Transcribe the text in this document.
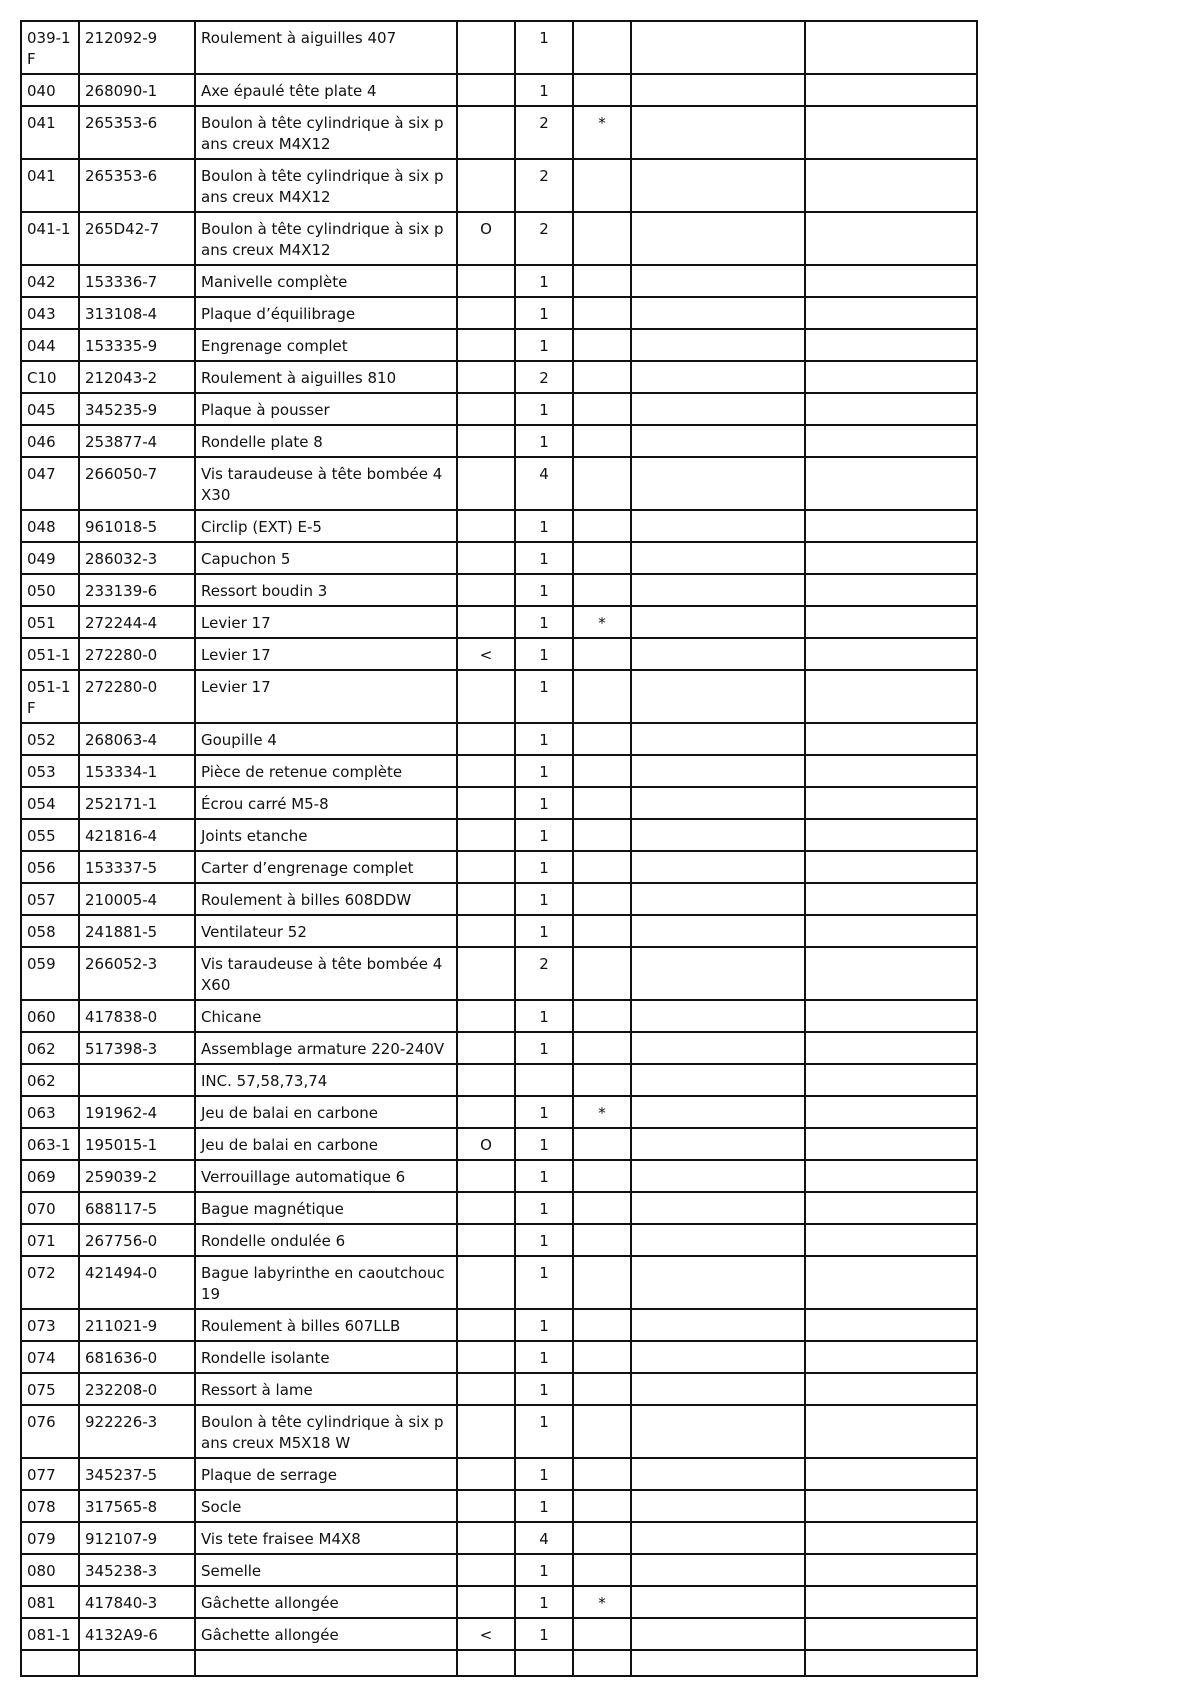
039-1 F	212092-9	Roulement à aiguilles 407		1			
040	268090-1	Axe épaulé tête plate 4		1			
041	265353-6	Boulon à tête cylindrique à six pans creux M4X12		2	*		
041	265353-6	Boulon à tête cylindrique à six pans creux M4X12		2			
041-1	265D42-7	Boulon à tête cylindrique à six pans creux M4X12	O	2			
042	153336-7	Manivelle complète		1			
043	313108-4	Plaque d’équilibrage		1			
044	153335-9	Engrenage complet		1			
C10	212043-2	Roulement à aiguilles 810		2			
045	345235-9	Plaque à pousser		1			
046	253877-4	Rondelle plate 8		1			
047	266050-7	Vis taraudeuse à tête bombée 4X30		4			
048	961018-5	Circlip (EXT) E-5		1			
049	286032-3	Capuchon 5		1			
050	233139-6	Ressort boudin 3		1			
051	272244-4	Levier 17		1	*		
051-1	272280-0	Levier 17	<	1			
051-1 F	272280-0	Levier 17		1			
052	268063-4	Goupille 4		1			
053	153334-1	Pièce de retenue complète		1			
054	252171-1	Écrou carré M5-8		1			
055	421816-4	Joints etanche		1			
056	153337-5	Carter d’engrenage complet		1			
057	210005-4	Roulement à billes 608DDW		1			
058	241881-5	Ventilateur 52		1			
059	266052-3	Vis taraudeuse à tête bombée 4X60		2			
060	417838-0	Chicane		1			
062	517398-3	Assemblage armature 220-240V		1			
062		INC. 57,58,73,74					
063	191962-4	Jeu de balai en carbone		1	*		
063-1	195015-1	Jeu de balai en carbone	O	1			
069	259039-2	Verrouillage automatique 6		1			
070	688117-5	Bague magnétique		1			
071	267756-0	Rondelle ondulée 6		1			
072	421494-0	Bague labyrinthe en caoutchouc 19		1			
073	211021-9	Roulement à billes 607LLB		1			
074	681636-0	Rondelle isolante		1			
075	232208-0	Ressort à lame		1			
076	922226-3	Boulon à tête cylindrique à six pans creux M5X18 W		1			
077	345237-5	Plaque de serrage		1			
078	317565-8	Socle		1			
079	912107-9	Vis tete fraisee M4X8		4			
080	345238-3	Semelle		1			
081	417840-3	Gâchette allongée		1	*		
081-1	4132A9-6	Gâchette allongée	<	1			
